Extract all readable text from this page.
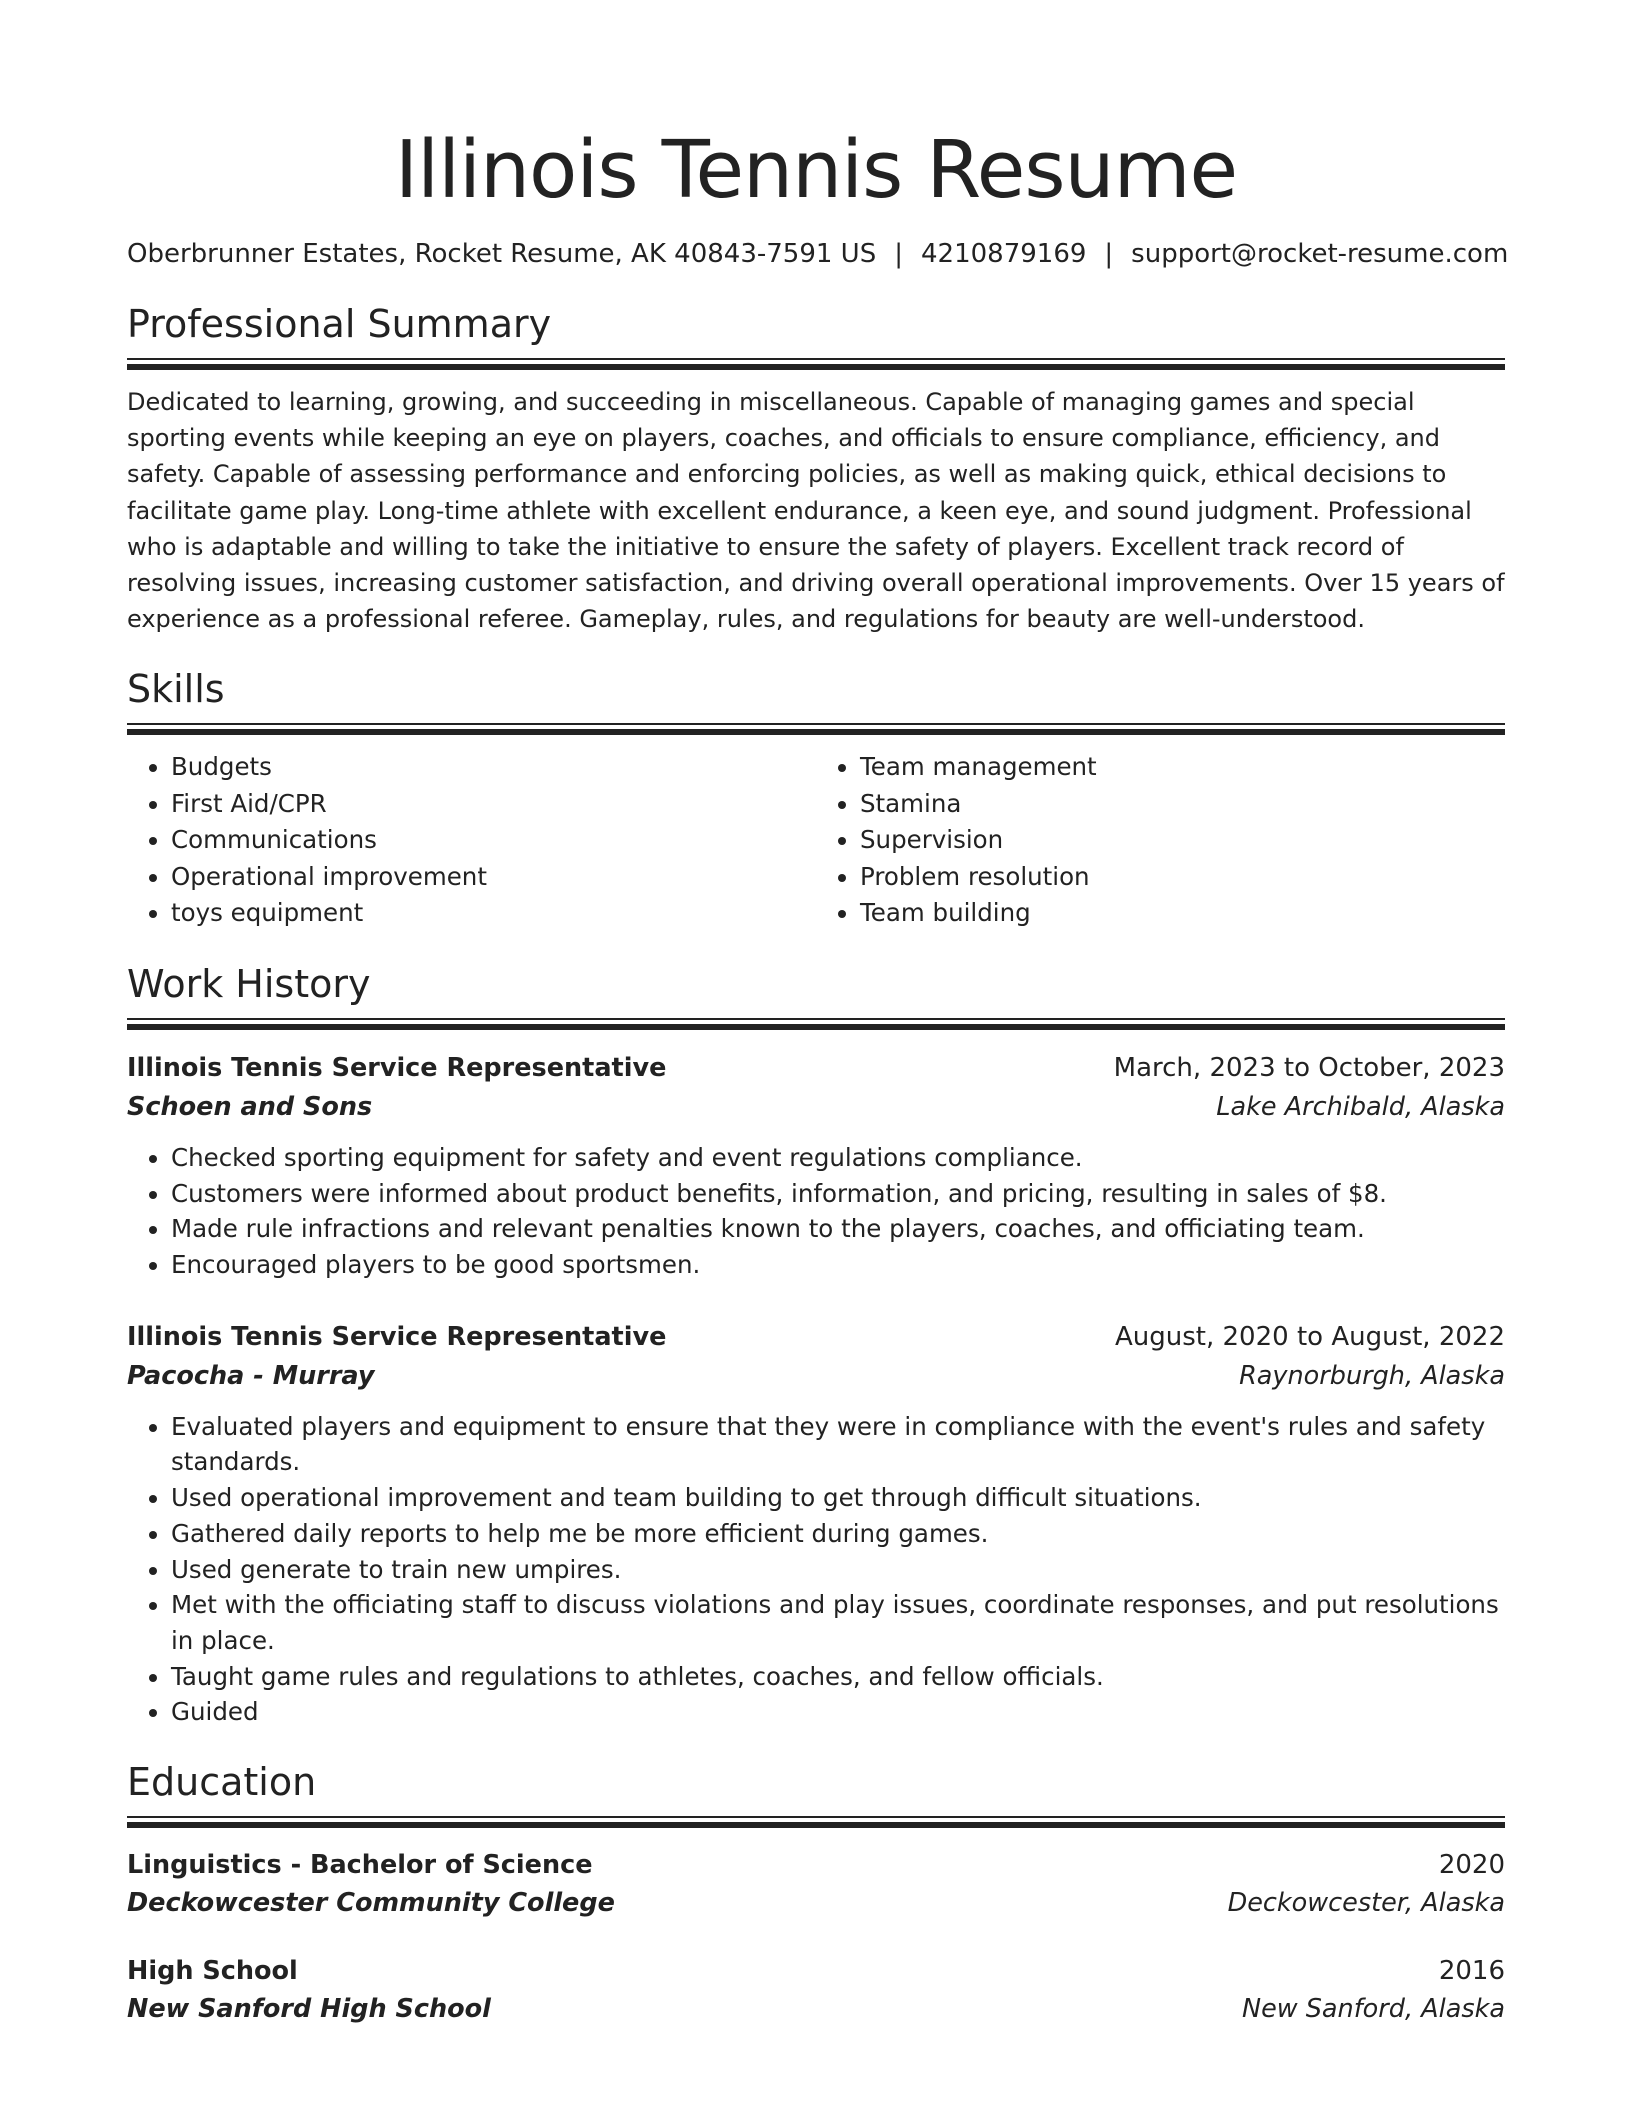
Illinois Tennis Resume
Oberbrunner Estates, Rocket Resume, AK 40843-7591 US | 4210879169 | support@rocket-resume.com
Professional Summary
Dedicated to learning, growing, and succeeding in miscellaneous. Capable of managing games and special sporting events while keeping an eye on players, coaches, and officials to ensure compliance, efficiency, and safety. Capable of assessing performance and enforcing policies, as well as making quick, ethical decisions to facilitate game play. Long-time athlete with excellent endurance, a keen eye, and sound judgment. Professional who is adaptable and willing to take the initiative to ensure the safety of players. Excellent track record of resolving issues, increasing customer satisfaction, and driving overall operational improvements. Over 15 years of experience as a professional referee. Gameplay, rules, and regulations for beauty are well-understood.
Skills
• Budgets
• First Aid/CPR
• Communications
• Operational improvement
• toys equipment
• Team management
• Stamina
• Supervision
• Problem resolution
• Team building
Work History
Illinois Tennis Service Representative	March, 2023 to October, 2023
Schoen and Sons	Lake Archibald, Alaska
• Checked sporting equipment for safety and event regulations compliance.
• Customers were informed about product benefits, information, and pricing, resulting in sales of $8.
• Made rule infractions and relevant penalties known to the players, coaches, and officiating team.
• Encouraged players to be good sportsmen.
Illinois Tennis Service Representative	August, 2020 to August, 2022
Pacocha - Murray	Raynorburgh, Alaska
• Evaluated players and equipment to ensure that they were in compliance with the event's rules and safety standards.
• Used operational improvement and team building to get through difficult situations.
• Gathered daily reports to help me be more efficient during games.
• Used generate to train new umpires.
• Met with the officiating staff to discuss violations and play issues, coordinate responses, and put resolutions in place.
• Taught game rules and regulations to athletes, coaches, and fellow officials.
• Guided
Education
Linguistics - Bachelor of Science	2020
Deckowcester Community College	Deckowcester, Alaska
High School	2016
New Sanford High School	New Sanford, Alaska
